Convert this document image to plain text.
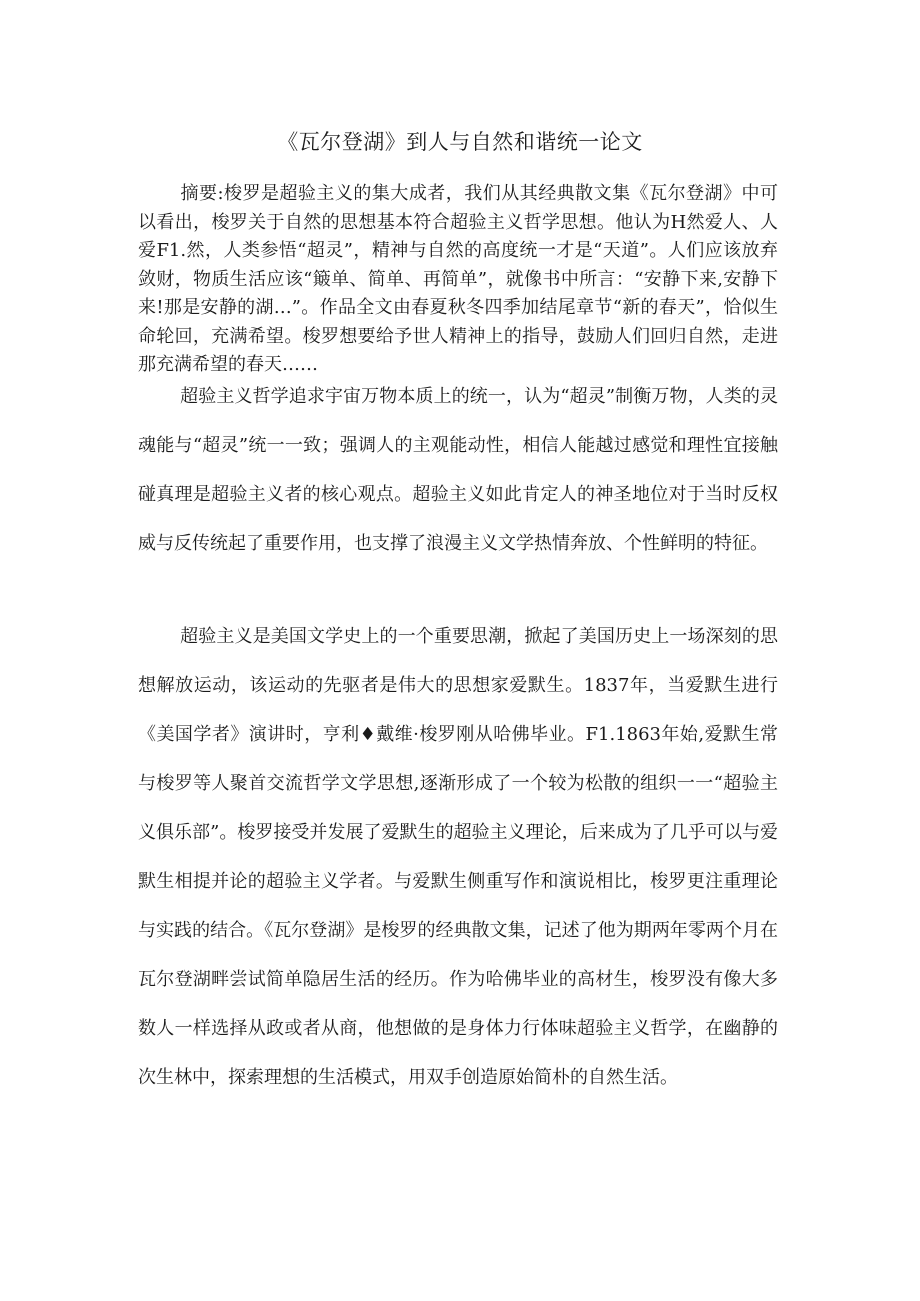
《瓦尔登湖》到人与自然和谐统一论文

摘要:梭罗是超验主义的集大成者，我们从其经典散文集《瓦尔登湖》中可以看出，梭罗关于自然的思想基本符合超验主义哲学思想。他认为H然爱人、人爱F1.然，人类参悟“超灵”，精神与自然的高度统一才是“天道”。人们应该放弃敛财，物质生活应该“簸单、简单、再简单”，就像书中所言：“安静下来,安静下来!那是安静的湖…”。作品全文由春夏秋冬四季加结尾章节“新的春天”，恰似生命轮回，充满希望。梭罗想要给予世人精神上的指导，鼓励人们回归自然，走进那充满希望的春天……

超验主义哲学追求宇宙万物本质上的统一，认为“超灵”制衡万物，人类的灵魂能与“超灵”统一一致；强调人的主观能动性，相信人能越过感觉和理性宜接触碰真理是超验主义者的核心观点。超验主义如此肯定人的神圣地位对于当时反权威与反传统起了重要作用，也支撑了浪漫主义文学热情奔放、个性鲜明的特征。

超验主义是美国文学史上的一个重要思潮，掀起了美国历史上一场深刻的思想解放运动，该运动的先驱者是伟大的思想家爱默生。1837年，当爱默生进行《美国学者》演讲时，亨利♦戴维·梭罗刚从哈佛毕业。F1.1863年始,爱默生常与梭罗等人聚首交流哲学文学思想,逐渐形成了一个较为松散的组织一一“超验主义俱乐部”。梭罗接受并发展了爱默生的超验主义理论，后来成为了几乎可以与爱默生相提并论的超验主义学者。与爱默生侧重写作和演说相比，梭罗更注重理论与实践的结合。《瓦尔登湖》是梭罗的经典散文集，记述了他为期两年零两个月在瓦尔登湖畔尝试简单隐居生活的经历。作为哈佛毕业的高材生，梭罗没有像大多数人一样选择从政或者从商，他想做的是身体力行体味超验主义哲学，在幽静的次生林中，探索理想的生活模式，用双手创造原始简朴的自然生活。
